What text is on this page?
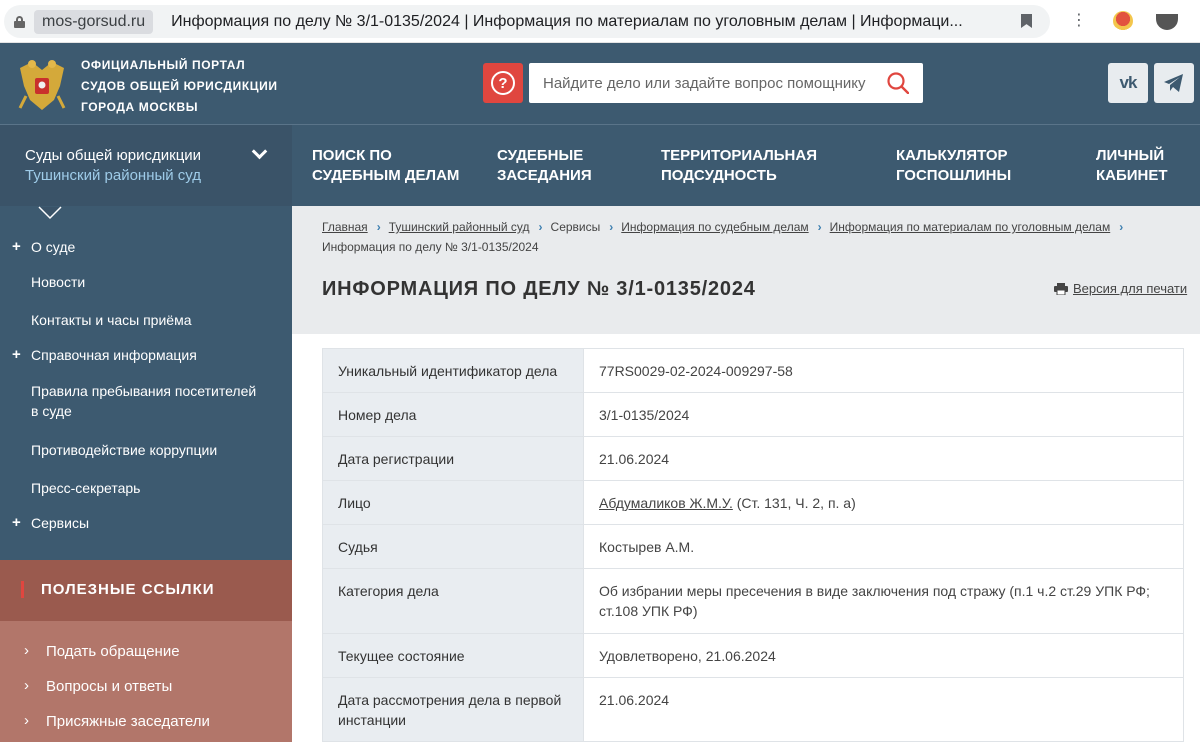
mos-gorsud.ru	Информация по делу № 3/1-0135/2024 | Информация по материалам по уголовным делам | Информаци...	⋮
ОФИЦИАЛЬНЫЙ ПОРТАЛ
СУДОВ ОБЩЕЙ ЮРИСДИКЦИИ
ГОРОДА МОСКВЫ
?
Найдите дело или задайте вопрос помощнику	vk
Суды общей юрисдикции
Тушинский районный суд
ПОИСК ПО
СУДЕБНЫМ ДЕЛАМ
СУДЕБНЫЕ
ЗАСЕДАНИЯ
ТЕРРИТОРИАЛЬНАЯ
ПОДСУДНОСТЬ
КАЛЬКУЛЯТОР
ГОСПОШЛИНЫ
ЛИЧНЫЙ
КАБИНЕТ
+ О суде
Новости
Контакты и часы приёма
+ Справочная информация
Правила пребывания посетителей
в суде
Противодействие коррупции
Пресс-секретарь
+ Сервисы
ПОЛЕЗНЫЕ ССЫЛКИ
› Подать обращение
› Вопросы и ответы
› Присяжные заседатели
Главная › Тушинский районный суд › Сервисы › Информация по судебным делам › Информация по материалам по уголовным делам ›
Информация по делу № 3/1-0135/2024
ИНФОРМАЦИЯ ПО ДЕЛУ № 3/1-0135/2024	Версия для печати
Уникальный идентификатор дела	77RS0029-02-2024-009297-58
Номер дела	3/1-0135/2024
Дата регистрации	21.06.2024
Лицо	Абдумаликов Ж.М.У. (Ст. 131, Ч. 2, п. а)
Судья	Костырев А.М.
Категория дела	Об избрании меры пресечения в виде заключения под стражу (п.1 ч.2 ст.29 УПК РФ; ст.108 УПК РФ)
Текущее состояние	Удовлетворено, 21.06.2024

Дата рассмотрения дела в первой
инстанции	21.06.2024
